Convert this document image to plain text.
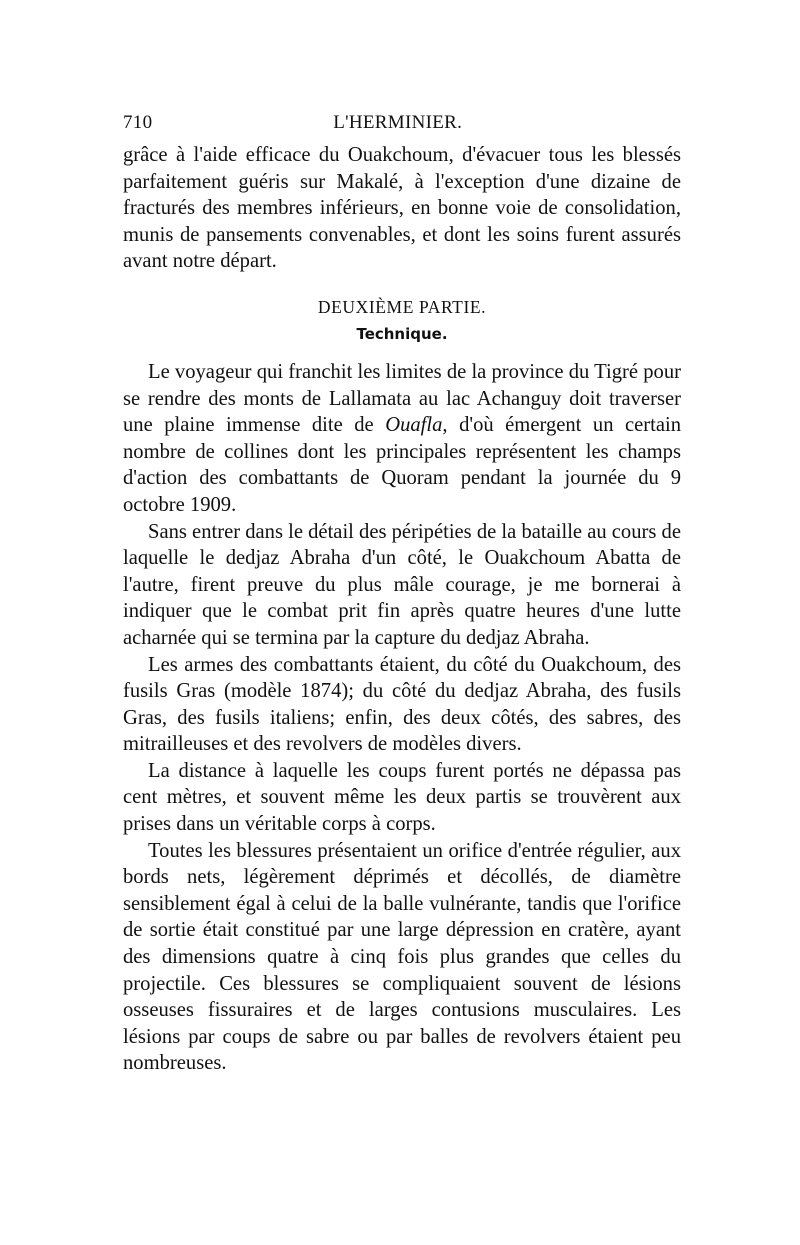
710	L'HERMINIER.

grâce à l'aide efficace du Ouakchoum, d'évacuer tous les blessés parfaitement guéris sur Makalé, à l'exception d'une dizaine de fracturés des membres inférieurs, en bonne voie de consolidation, munis de pansements convenables, et dont les soins furent assurés avant notre départ.

DEUXIÈME PARTIE.
Technique.

Le voyageur qui franchit les limites de la province du Tigré pour se rendre des monts de Lallamata au lac Achanguy doit traverser une plaine immense dite de Ouafla, d'où émergent un certain nombre de collines dont les principales représentent les champs d'action des combattants de Quoram pendant la journée du 9 octobre 1909.

Sans entrer dans le détail des péripéties de la bataille au cours de laquelle le dedjaz Abraha d'un côté, le Ouakchoum Abatta de l'autre, firent preuve du plus mâle courage, je me bornerai à indiquer que le combat prit fin après quatre heures d'une lutte acharnée qui se termina par la capture du dedjaz Abraha.

Les armes des combattants étaient, du côté du Ouakchoum, des fusils Gras (modèle 1874); du côté du dedjaz Abraha, des fusils Gras, des fusils italiens; enfin, des deux côtés, des sabres, des mitrailleuses et des revolvers de modèles divers.

La distance à laquelle les coups furent portés ne dépassa pas cent mètres, et souvent même les deux partis se trouvèrent aux prises dans un véritable corps à corps.

Toutes les blessures présentaient un orifice d'entrée régulier, aux bords nets, légèrement déprimés et décollés, de diamètre sensiblement égal à celui de la balle vulnérante, tandis que l'orifice de sortie était constitué par une large dépression en cratère, ayant des dimensions quatre à cinq fois plus grandes que celles du projectile. Ces blessures se compliquaient souvent de lésions osseuses fissuraires et de larges contusions musculaires. Les lésions par coups de sabre ou par balles de revolvers étaient peu nombreuses.
